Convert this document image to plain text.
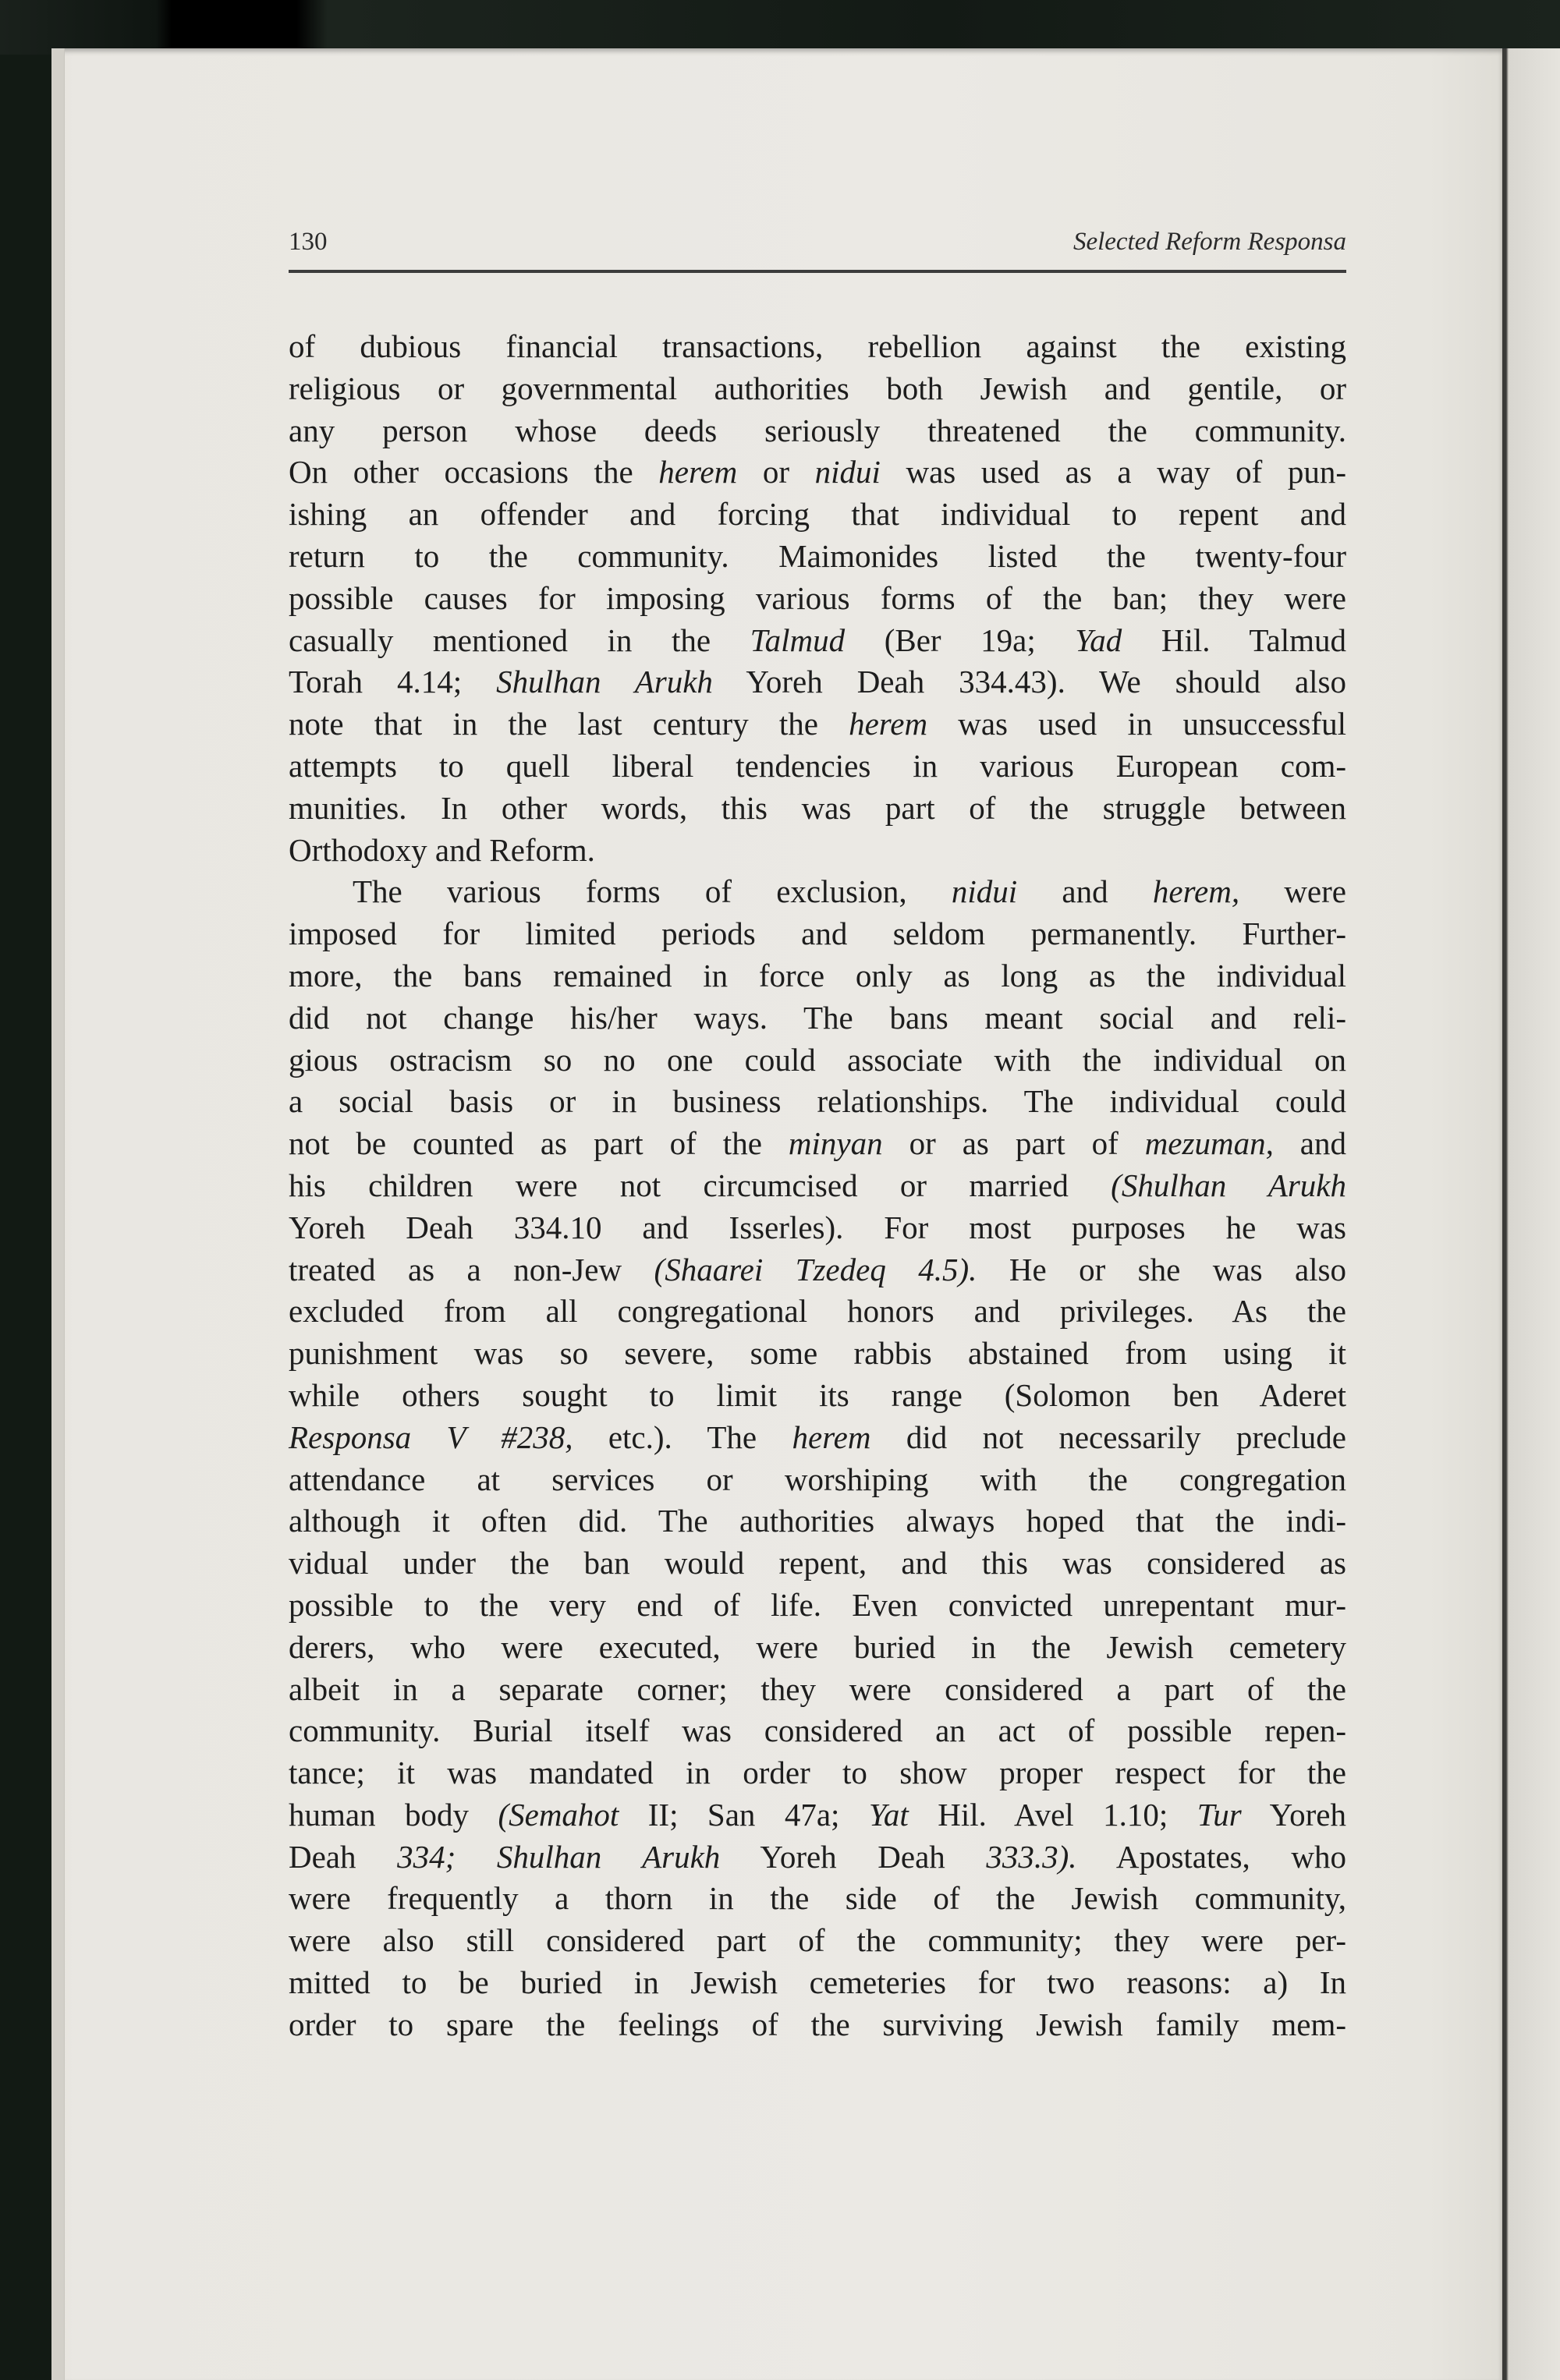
130	Selected Reform Responsa
of dubious financial transactions, rebellion against the existing
religious or governmental authorities both Jewish and gentile, or
any person whose deeds seriously threatened the community.
On other occasions the herem or nidui was used as a way of pun-
ishing an offender and forcing that individual to repent and
return to the community. Maimonides listed the twenty-four
possible causes for imposing various forms of the ban; they were
casually mentioned in the Talmud (Ber 19a; Yad Hil. Talmud
Torah 4.14; Shulhan Arukh Yoreh Deah 334.43). We should also
note that in the last century the herem was used in unsuccessful
attempts to quell liberal tendencies in various European com-
munities. In other words, this was part of the struggle between
Orthodoxy and Reform.
The various forms of exclusion, nidui and herem, were
imposed for limited periods and seldom permanently. Further-
more, the bans remained in force only as long as the individual
did not change his/her ways. The bans meant social and reli-
gious ostracism so no one could associate with the individual on
a social basis or in business relationships. The individual could
not be counted as part of the minyan or as part of mezuman, and
his children were not circumcised or married (Shulhan Arukh
Yoreh Deah 334.10 and Isserles). For most purposes he was
treated as a non-Jew (Shaarei Tzedeq 4.5). He or she was also
excluded from all congregational honors and privileges. As the
punishment was so severe, some rabbis abstained from using it
while others sought to limit its range (Solomon ben Aderet
Responsa V #238, etc.). The herem did not necessarily preclude
attendance at services or worshiping with the congregation
although it often did. The authorities always hoped that the indi-
vidual under the ban would repent, and this was considered as
possible to the very end of life. Even convicted unrepentant mur-
derers, who were executed, were buried in the Jewish cemetery
albeit in a separate corner; they were considered a part of the
community. Burial itself was considered an act of possible repen-
tance; it was mandated in order to show proper respect for the
human body (Semahot II; San 47a; Yat Hil. Avel 1.10; Tur Yoreh
Deah 334; Shulhan Arukh Yoreh Deah 333.3). Apostates, who
were frequently a thorn in the side of the Jewish community,
were also still considered part of the community; they were per-
mitted to be buried in Jewish cemeteries for two reasons: a) In
order to spare the feelings of the surviving Jewish family mem-
